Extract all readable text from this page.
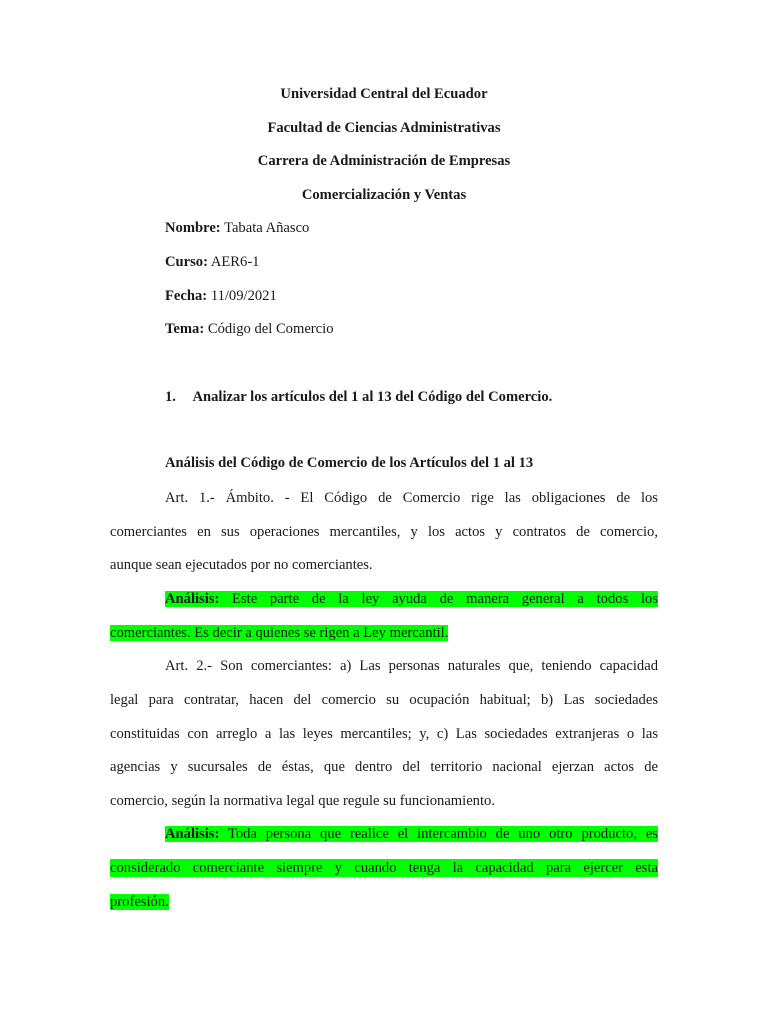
Universidad Central del Ecuador
Facultad de Ciencias Administrativas
Carrera de Administración de Empresas
Comercialización y Ventas
Nombre: Tabata Añasco
Curso: AER6-1
Fecha: 11/09/2021
Tema: Código del Comercio
1. Analizar los artículos del 1 al 13 del Código del Comercio.
Análisis del Código de Comercio de los Artículos del 1 al 13
Art. 1.- Ámbito. - El Código de Comercio rige las obligaciones de los
comerciantes en sus operaciones mercantiles, y los actos y contratos de comercio,
aunque sean ejecutados por no comerciantes.
Análisis: Este parte de la ley ayuda de manera general a todos los
comerciantes. Es decir a quienes se rigen a Ley mercantil.
Art. 2.- Son comerciantes: a) Las personas naturales que, teniendo capacidad
legal para contratar, hacen del comercio su ocupación habitual; b) Las sociedades
constituidas con arreglo a las leyes mercantiles; y, c) Las sociedades extranjeras o las
agencias y sucursales de éstas, que dentro del territorio nacional ejerzan actos de
comercio, según la normativa legal que regule su funcionamiento.
Análisis: Toda persona que realice el intercambio de uno otro producto, es
considerado comerciante siempre y cuando tenga la capacidad para ejercer esta
profesión.
